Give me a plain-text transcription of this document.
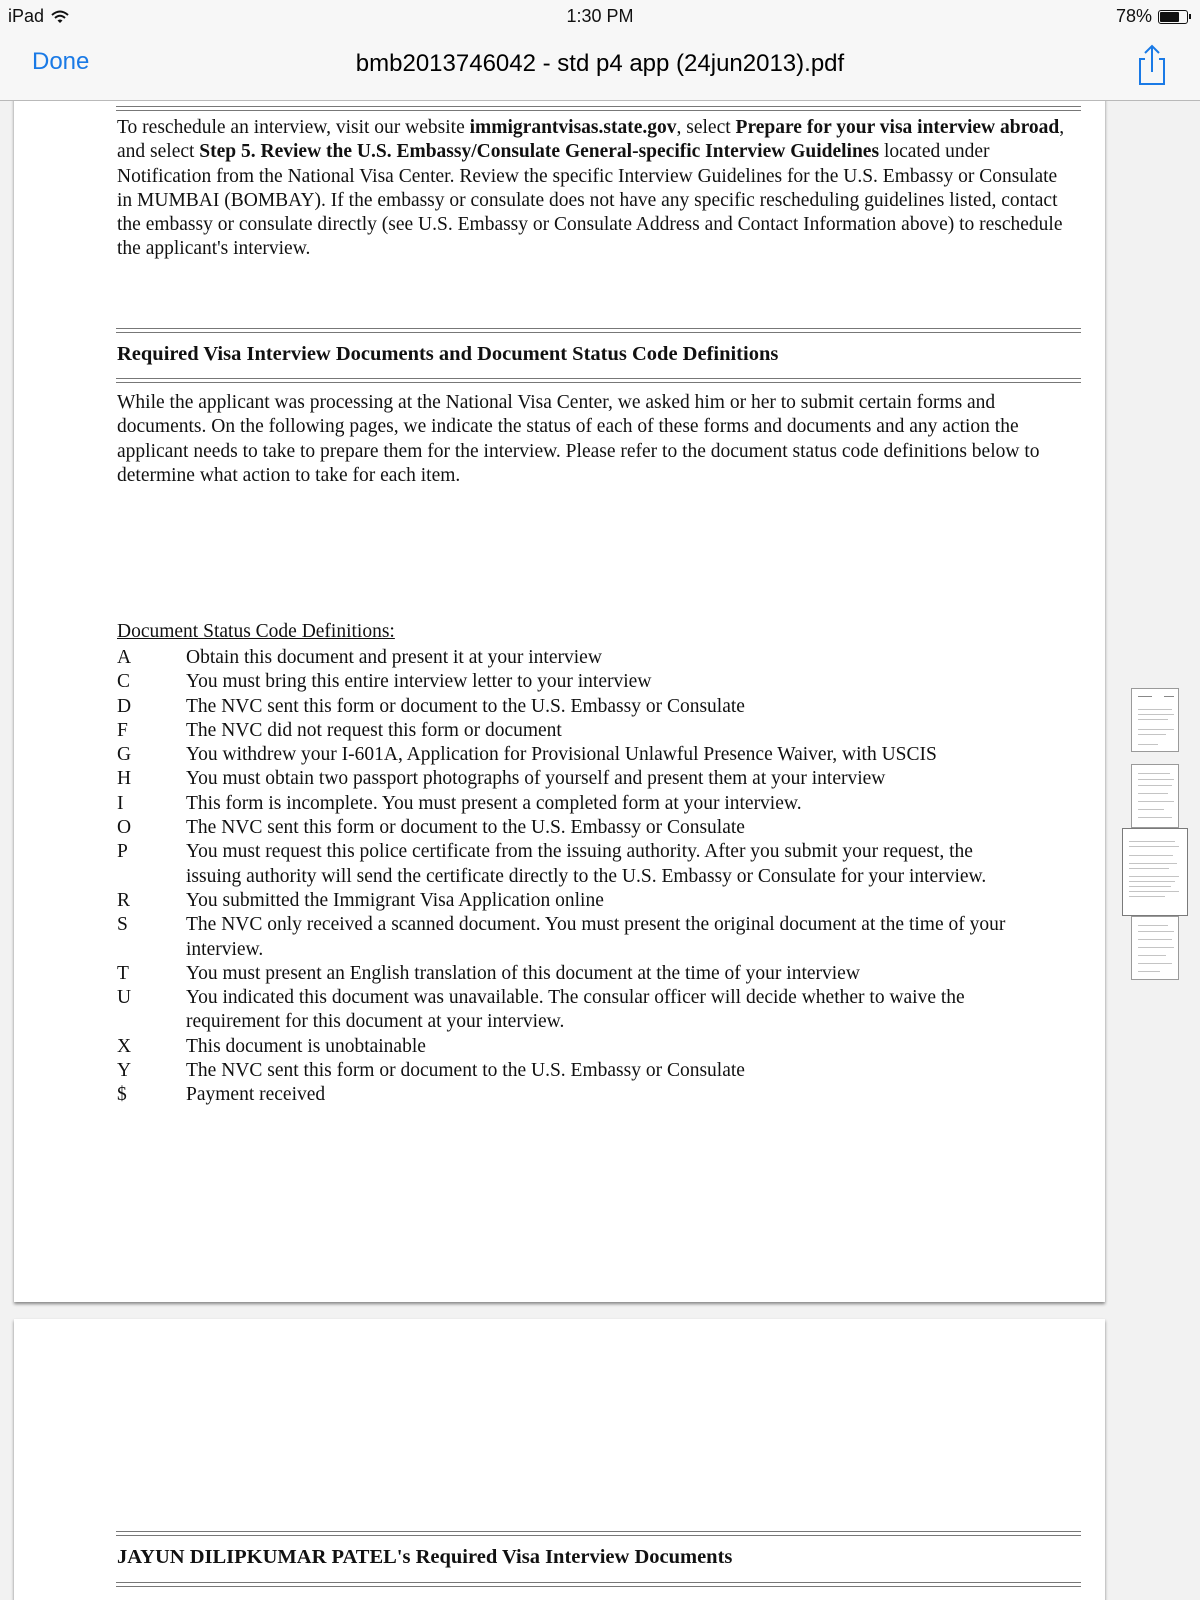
iPad	1:30 PM	78%
Done	bmb2013746042 - std p4 app (24jun2013).pdf

To reschedule an interview, visit our website immigrantvisas.state.gov, select Prepare for your visa interview abroad, and select Step 5. Review the U.S. Embassy/Consulate General-specific Interview Guidelines located under Notification from the National Visa Center. Review the specific Interview Guidelines for the U.S. Embassy or Consulate in MUMBAI (BOMBAY). If the embassy or consulate does not have any specific rescheduling guidelines listed, contact the embassy or consulate directly (see U.S. Embassy or Consulate Address and Contact Information above) to reschedule the applicant's interview.

Required Visa Interview Documents and Document Status Code Definitions

While the applicant was processing at the National Visa Center, we asked him or her to submit certain forms and documents. On the following pages, we indicate the status of each of these forms and documents and any action the applicant needs to take to prepare them for the interview. Please refer to the document status code definitions below to determine what action to take for each item.

Document Status Code Definitions:
A	Obtain this document and present it at your interview
C	You must bring this entire interview letter to your interview
D	The NVC sent this form or document to the U.S. Embassy or Consulate
F	The NVC did not request this form or document
G	You withdrew your I-601A, Application for Provisional Unlawful Presence Waiver, with USCIS
H	You must obtain two passport photographs of yourself and present them at your interview
I	This form is incomplete. You must present a completed form at your interview.
O	The NVC sent this form or document to the U.S. Embassy or Consulate
P	You must request this police certificate from the issuing authority. After you submit your request, the issuing authority will send the certificate directly to the U.S. Embassy or Consulate for your interview.
R	You submitted the Immigrant Visa Application online
S	The NVC only received a scanned document. You must present the original document at the time of your interview.
T	You must present an English translation of this document at the time of your interview
U	You indicated this document was unavailable. The consular officer will decide whether to waive the requirement for this document at your interview.
X	This document is unobtainable
Y	The NVC sent this form or document to the U.S. Embassy or Consulate
$	Payment received
JAYUN DILIPKUMAR PATEL's Required Visa Interview Documents
